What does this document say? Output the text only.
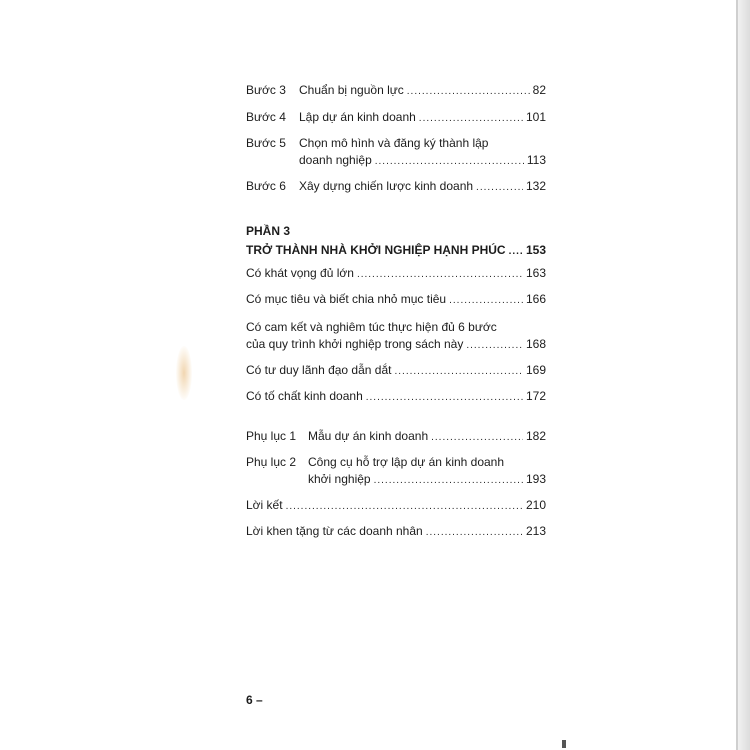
Bước 3	Chuẩn bị nguồn lực .....	82
Bước 4	Lập dự án kinh doanh .....	101
Bước 5	Chọn mô hình và đăng ký thành lập
doanh nghiệp .....	113
Bước 6	Xây dựng chiến lược kinh doanh .....	132
PHẦN 3
TRỞ THÀNH NHÀ KHỞI NGHIỆP HẠNH PHÚC ..... 153
Có khát vọng đủ lớn .....	163
Có mục tiêu và biết chia nhỏ mục tiêu .....	166
Có cam kết và nghiêm túc thực hiện đủ 6 bước
của quy trình khởi nghiệp trong sách này .....	168
Có tư duy lãnh đạo dẫn dắt .....	169
Có tố chất kinh doanh .....	172
Phụ lục 1 Mẫu dự án kinh doanh .....	182
Phụ lục 2 Công cụ hỗ trợ lập dự án kinh doanh
khởi nghiệp .....	193
Lời kết .....	210
Lời khen tặng từ các doanh nhân .....	213
6 –
